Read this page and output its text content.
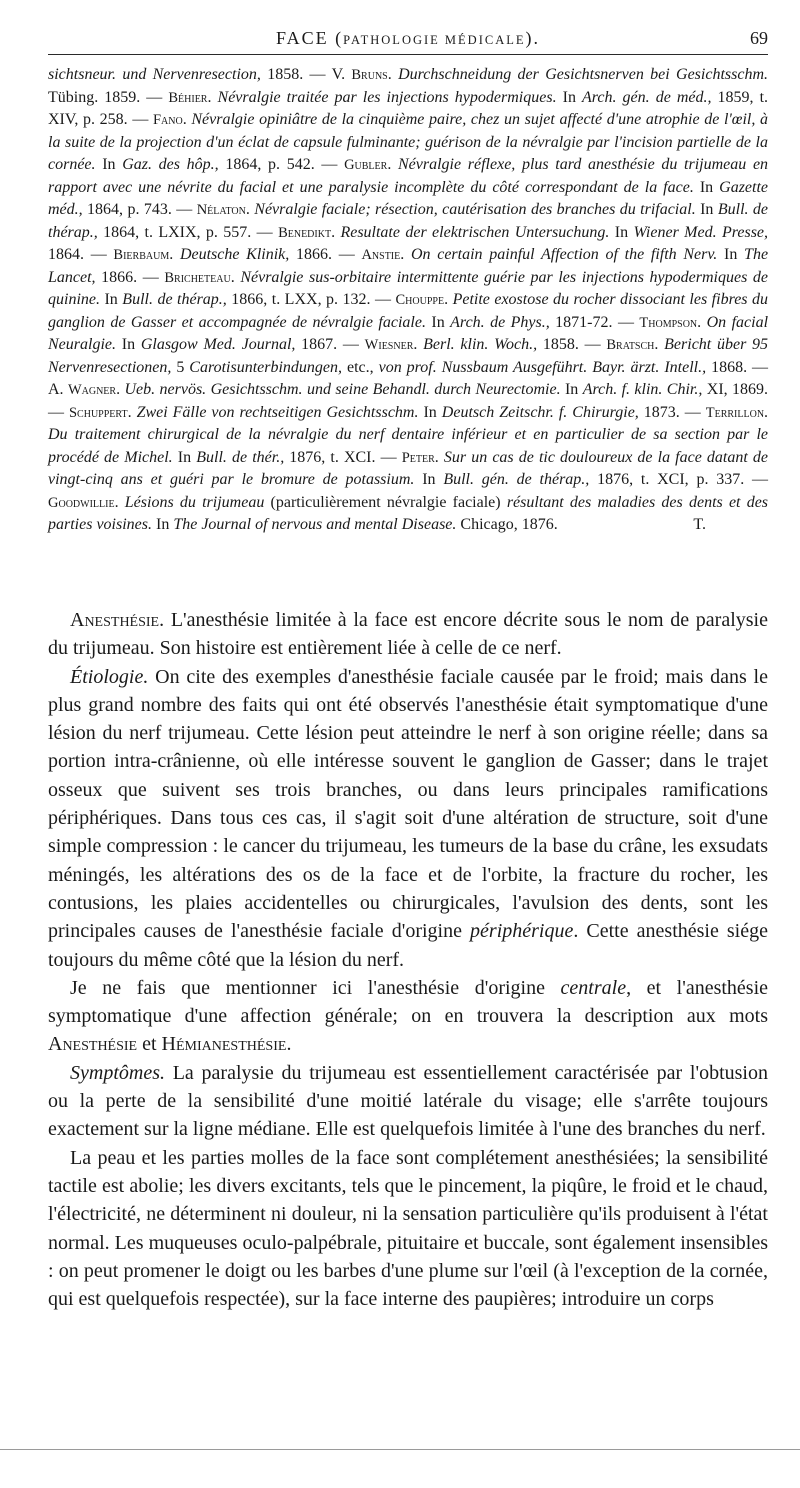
FACE (PATHOLOGIE MÉDICALE).	69

sichtsneur. und Nervenresection, 1858. — V. Bruns. Durchschneidung der Gesichtsnerven bei Gesichtsschm. Tübing. 1859. — Béhier. Névralgie traitée par les injections hypodermiques. In Arch. gén. de méd., 1859, t. XIV, p. 258. — Fano. Névralgie opiniâtre de la cinquième paire, chez un sujet affecté d'une atrophie de l'œil, à la suite de la projection d'un éclat de capsule fulminante; guérison de la névralgie par l'incision partielle de la cornée. In Gaz. des hôp., 1864, p. 542. — Gubler. Névralgie réflexe, plus tard anesthésie du trijumeau en rapport avec une névrite du facial et une paralysie incomplète du côté correspondant de la face. In Gazette méd., 1864, p. 743. — Nélaton. Névralgie faciale; résection, cautérisation des branches du trifacial. In Bull. de thérap., 1864, t. LXIX, p. 557. — Benedikt. Resultate der elektrischen Untersuchung. In Wiener Med. Presse, 1864. — Bierbaum. Deutsche Klinik, 1866. — Anstie. On certain painful Affection of the fifth Nerv. In The Lancet, 1866. — Bricheteau. Névralgie sus-orbitaire intermittente guérie par les injections hypodermiques de quinine. In Bull. de thérap., 1866, t. LXX, p. 132. — Chouppe. Petite exostose du rocher dissociant les fibres du ganglion de Gasser et accompagnée de névralgie faciale. In Arch. de Phys., 1871-72. — Thompson. On facial Neuralgie. In Glasgow Med. Journal, 1867. — Wiesner. Berl. klin. Woch., 1858. — Bratsch. Bericht über 95 Nervenresectionen, 5 Carotisunterbindungen, etc., von prof. Nussbaum Ausgeführt. Bayr. ärzt. Intell., 1868. — A. Wagner. Ueb. nervös. Gesichtsschm. und seine Behandl. durch Neurectomie. In Arch. f. klin. Chir., XI, 1869. — Schuppert. Zwei Fälle von rechtseitigen Gesichtsschm. In Deutsch Zeitschr. f. Chirurgie, 1873. — Terrillon. Du traitement chirurgical de la névralgie du nerf dentaire inférieur et en particulier de sa section par le procédé de Michel. In Bull. de thér., 1876, t. XCI. — Peter. Sur un cas de tic douloureux de la face datant de vingt-cinq ans et guéri par le bromure de potassium. In Bull. gén. de thérap., 1876, t. XCI, p. 337. — Goodwillie. Lésions du trijumeau (particulièrement névralgie faciale) résultant des maladies des dents et des parties voisines. In The Journal of nervous and mental Disease. Chicago, 1876.	T.

Anesthésie. L'anesthésie limitée à la face est encore décrite sous le nom de paralysie du trijumeau. Son histoire est entièrement liée à celle de ce nerf.

Étiologie. On cite des exemples d'anesthésie faciale causée par le froid; mais dans le plus grand nombre des faits qui ont été observés l'anesthésie était symptomatique d'une lésion du nerf trijumeau. Cette lésion peut atteindre le nerf à son origine réelle; dans sa portion intra-crânienne, où elle intéresse souvent le ganglion de Gasser; dans le trajet osseux que suivent ses trois branches, ou dans leurs principales ramifications périphériques. Dans tous ces cas, il s'agit soit d'une altération de structure, soit d'une simple compression : le cancer du trijumeau, les tumeurs de la base du crâne, les exsudats méningés, les altérations des os de la face et de l'orbite, la fracture du rocher, les contusions, les plaies accidentelles ou chirurgicales, l'avulsion des dents, sont les principales causes de l'anesthésie faciale d'origine périphérique. Cette anesthésie siége toujours du même côté que la lésion du nerf.

Je ne fais que mentionner ici l'anesthésie d'origine centrale, et l'anesthésie symptomatique d'une affection générale; on en trouvera la description aux mots Anesthésie et Hémianesthésie.

Symptômes. La paralysie du trijumeau est essentiellement caractérisée par l'obtusion ou la perte de la sensibilité d'une moitié latérale du visage; elle s'arrête toujours exactement sur la ligne médiane. Elle est quelquefois limitée à l'une des branches du nerf.

La peau et les parties molles de la face sont complétement anesthésiées; la sensibilité tactile est abolie; les divers excitants, tels que le pincement, la piqûre, le froid et le chaud, l'électricité, ne déterminent ni douleur, ni la sensation particulière qu'ils produisent à l'état normal. Les muqueuses oculo-palpébrale, pituitaire et buccale, sont également insensibles : on peut promener le doigt ou les barbes d'une plume sur l'œil (à l'exception de la cornée, qui est quelquefois respectée), sur la face interne des paupières; introduire un corps
